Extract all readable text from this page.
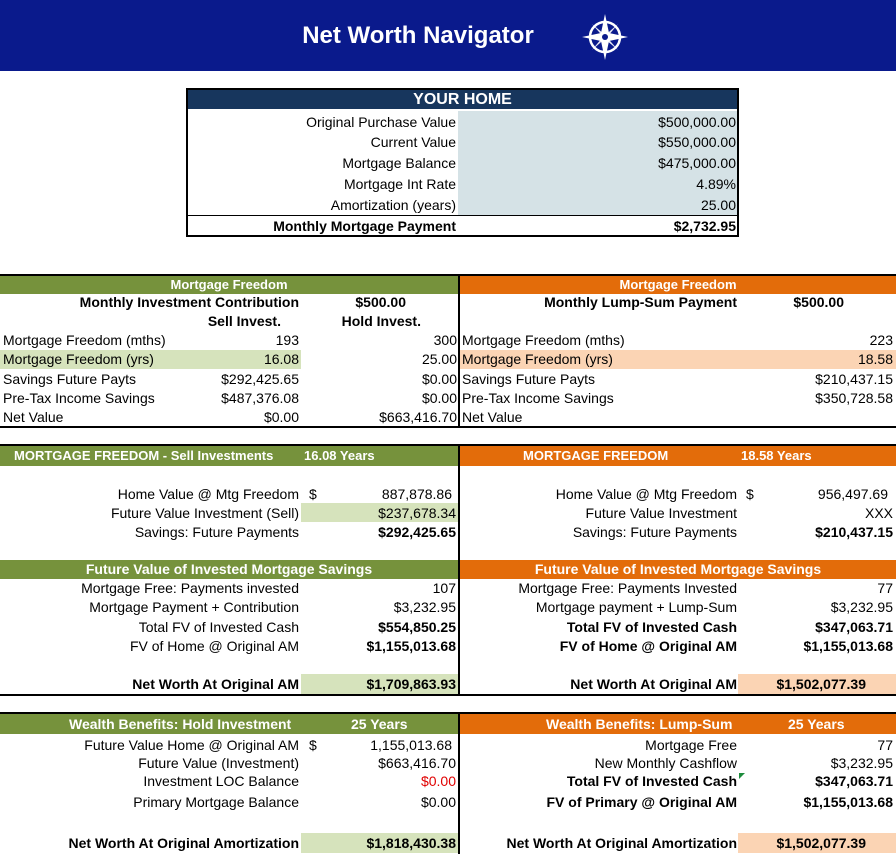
Net Worth Navigator
YOUR HOME
Original Purchase Value	$500,000.00
Current Value	$550,000.00
Mortgage Balance	$475,000.00
Mortgage Int Rate	4.89%
Amortization (years)	25.00
Monthly Mortgage Payment	$2,732.95
Mortgage Freedom	Mortgage Freedom
Monthly Investment Contribution	$500.00
Sell Invest.	Hold Invest.
Mortgage Freedom (mths)	193	300
Mortgage Freedom (yrs)	16.08	25.00
Savings Future Payts	$292,425.65	$0.00
Pre-Tax Income Savings	$487,376.08	$0.00
Net Value	$0.00	$663,416.70
Monthly Lump-Sum Payment	$500.00
Mortgage Freedom (mths)	223
Mortgage Freedom (yrs)	18.58
Savings Future Payts	$210,437.15
Pre-Tax Income Savings	$350,728.58
Net Value
MORTGAGE FREEDOM - Sell Investments	16.08 Years	MORTGAGE FREEDOM	18.58 Years
Home Value @ Mtg Freedom $	887,878.86
Future Value Investment (Sell)	$237,678.34
Savings: Future Payments	$292,425.65
Home Value @ Mtg Freedom $	956,497.69
Future Value Investment	XXX
Savings: Future Payments	$210,437.15
Future Value of Invested Mortgage Savings	Future Value of Invested Mortgage Savings
Mortgage Free: Payments invested	107
Mortgage Payment + Contribution	$3,232.95
Total FV of Invested Cash	$554,850.25
FV of Home @ Original AM	$1,155,013.68
Mortgage Free: Payments Invested	77
Mortgage payment + Lump-Sum	$3,232.95
Total FV of Invested Cash	$347,063.71
FV of Home @ Original AM	$1,155,013.68
Net Worth At Original AM	$1,709,863.93	Net Worth At Original AM	$1,502,077.39
Wealth Benefits: Hold Investment	25 Years	Wealth Benefits: Lump-Sum	25 Years
Future Value Home @ Original AM $	1,155,013.68
Future Value (Investment)	$663,416.70
Investment LOC Balance	$0.00
Primary Mortgage Balance	$0.00
Mortgage Free	77
New Monthly Cashflow	$3,232.95
Total FV of Invested Cash	$347,063.71
FV of Primary @ Original AM	$1,155,013.68
Net Worth At Original Amortization	$1,818,430.38	Net Worth At Original Amortization	$1,502,077.39
